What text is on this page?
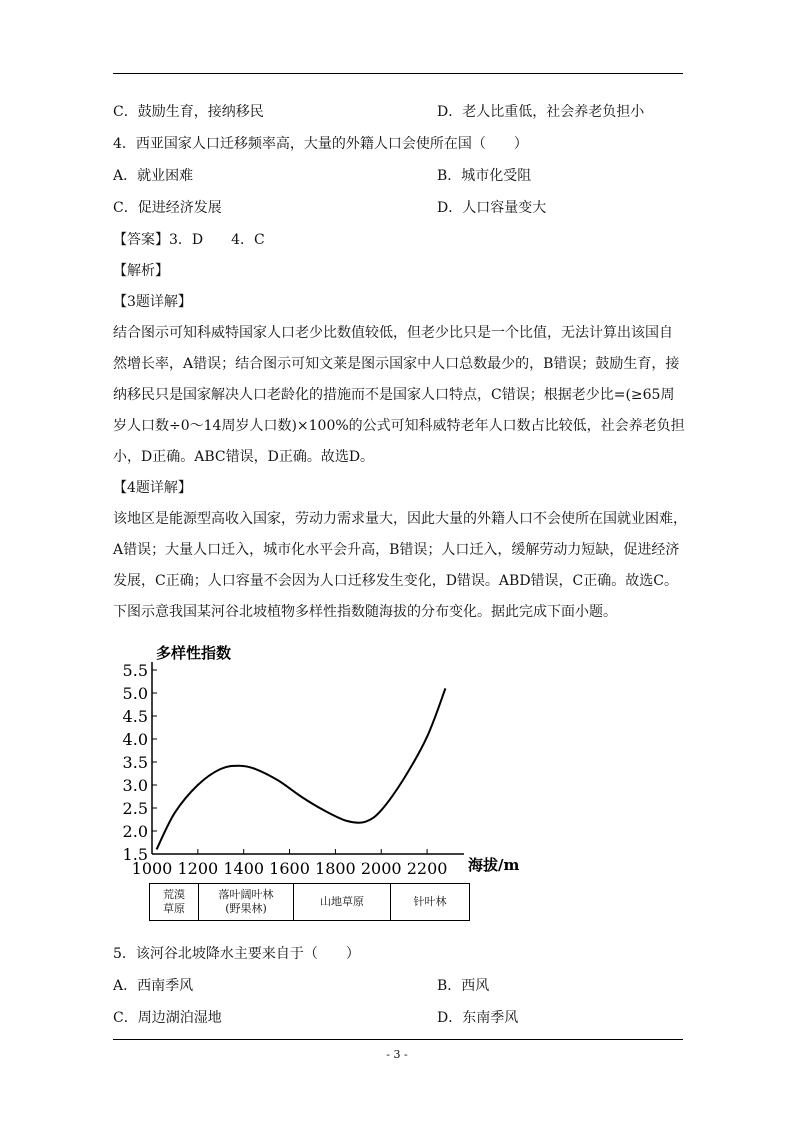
C．鼓励生育，接纳移民	D．老人比重低，社会养老负担小
4．西亚国家人口迁移频率高，大量的外籍人口会使所在国（　　）
A．就业困难	B．城市化受阻
C．促进经济发展	D．人口容量变大
【答案】3．D　　4．C
【解析】
【3题详解】
结合图示可知科威特国家人口老少比数值较低，但老少比只是一个比值，无法计算出该国自
然增长率，A错误；结合图示可知文莱是图示国家中人口总数最少的，B错误；鼓励生育，接
纳移民只是国家解决人口老龄化的措施而不是国家人口特点，C错误；根据老少比=(≥65周
岁人口数÷0～14周岁人口数)×100%的公式可知科威特老年人口数占比较低，社会养老负担
小，D正确。ABC错误，D正确。故选D。
【4题详解】
该地区是能源型高收入国家，劳动力需求量大，因此大量的外籍人口不会使所在国就业困难，
A错误；大量人口迁入，城市化水平会升高，B错误；人口迁入，缓解劳动力短缺，促进经济
发展，C正确；人口容量不会因为人口迁移发生变化，D错误。ABD错误，C正确。故选C。
下图示意我国某河谷北坡植物多样性指数随海拔的分布变化。据此完成下面小题。
多样性指数
1.5
2.0
2.5
3.0
3.5
4.0
4.5
5.0
5.5
1000 1200 1400 1600 1800 2000 2200 海拔/m
荒漠草原	落叶阔叶林(野果林)	山地草原	针叶林
5．该河谷北坡降水主要来自于（　　）
A．西南季风	B．西风
C．周边湖泊湿地	D．东南季风
- 3 -
